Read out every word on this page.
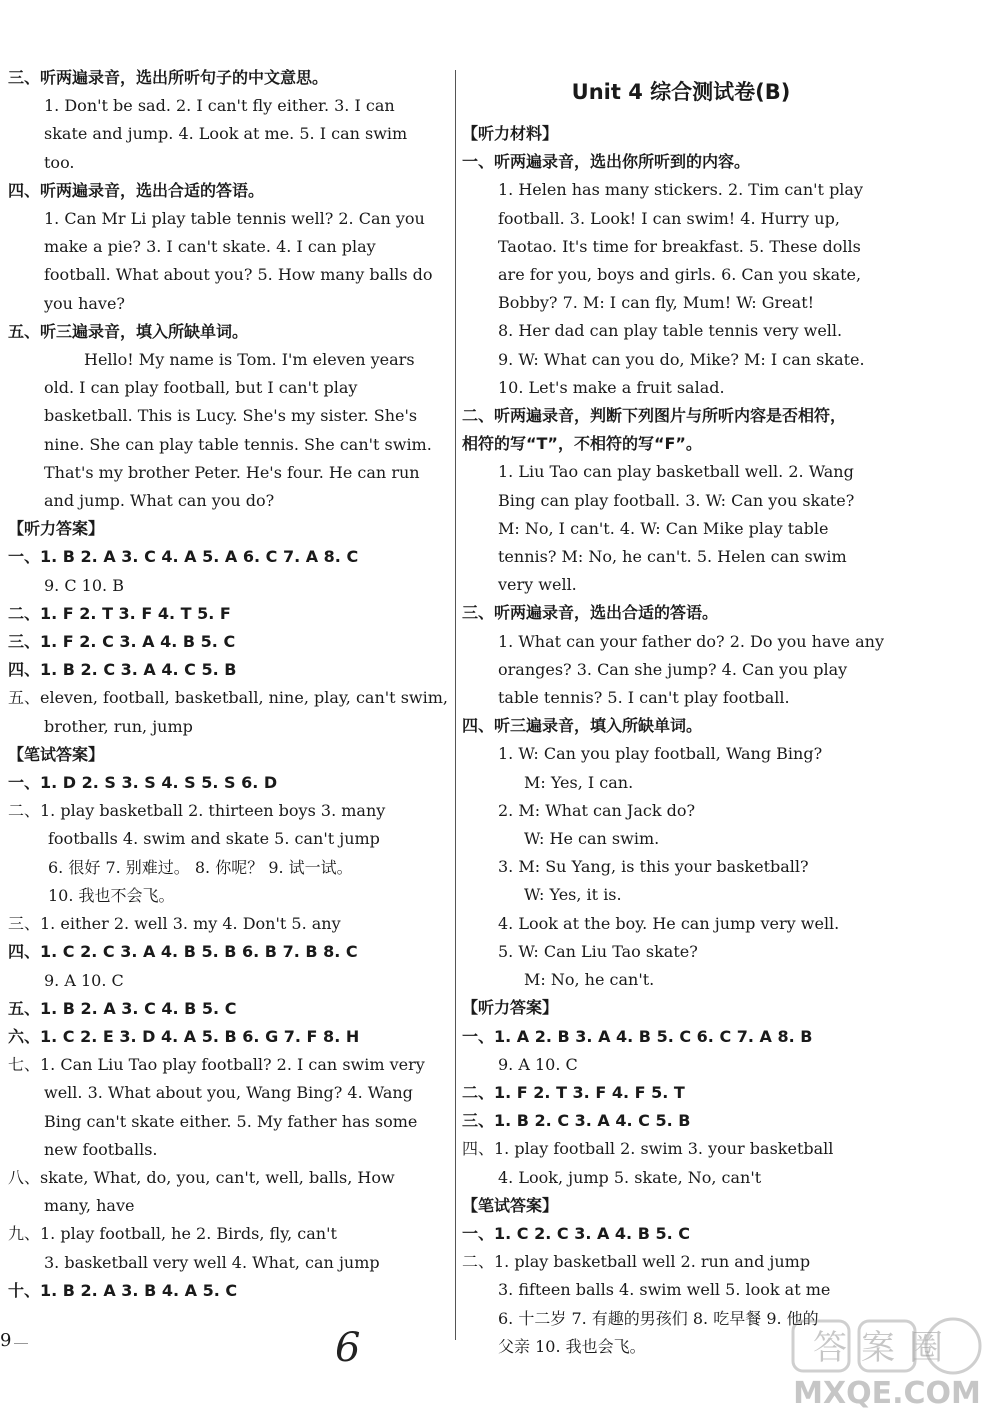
三、听两遍录音，选出所听句子的中文意思。
1. Don't be sad. 2. I can't fly either. 3. I can
skate and jump. 4. Look at me. 5. I can swim
too.
四、听两遍录音，选出合适的答语。
1. Can Mr Li play table tennis well? 2. Can you
make a pie? 3. I can't skate. 4. I can play
football. What about you? 5. How many balls do
you have?
五、听三遍录音，填入所缺单词。
Hello! My name is Tom. I'm eleven years
old. I can play football, but I can't play
basketball. This is Lucy. She's my sister. She's
nine. She can play table tennis. She can't swim.
That's my brother Peter. He's four. He can run
and jump. What can you do?
【听力答案】
一、1. B 2. A 3. C 4. A 5. A 6. C 7. A 8. C
9. C 10. B
二、1. F 2. T 3. F 4. T 5. F
三、1. F 2. C 3. A 4. B 5. C
四、1. B 2. C 3. A 4. C 5. B
五、eleven, football, basketball, nine, play, can't swim,
brother, run, jump
【笔试答案】
一、1. D 2. S 3. S 4. S 5. S 6. D
二、1. play basketball 2. thirteen boys 3. many
footballs 4. swim and skate 5. can't jump
6. 很好 7. 别难过。 8. 你呢？ 9. 试一试。
10. 我也不会飞。
三、1. either 2. well 3. my 4. Don't 5. any
四、1. C 2. C 3. A 4. B 5. B 6. B 7. B 8. C
9. A 10. C
五、1. B 2. A 3. C 4. B 5. C
六、1. C 2. E 3. D 4. A 5. B 6. G 7. F 8. H
七、1. Can Liu Tao play football? 2. I can swim very
well. 3. What about you, Wang Bing? 4. Wang
Bing can't skate either. 5. My father has some
new footballs.
八、skate, What, do, you, can't, well, balls, How
many, have
九、1. play football, he 2. Birds, fly, can't
3. basketball very well 4. What, can jump
十、1. B 2. A 3. B 4. A 5. C
Unit 4 综合测试卷(B)
【听力材料】
一、听两遍录音，选出你所听到的内容。
1. Helen has many stickers. 2. Tim can't play
football. 3. Look! I can swim! 4. Hurry up,
Taotao. It's time for breakfast. 5. These dolls
are for you, boys and girls. 6. Can you skate,
Bobby? 7. M: I can fly, Mum! W: Great!
8. Her dad can play table tennis very well.
9. W: What can you do, Mike? M: I can skate.
10. Let's make a fruit salad.
二、听两遍录音，判断下列图片与所听内容是否相符，
相符的写“T”，不相符的写“F”。
1. Liu Tao can play basketball well. 2. Wang
Bing can play football. 3. W: Can you skate?
M: No, I can't. 4. W: Can Mike play table
tennis? M: No, he can't. 5. Helen can swim
very well.
三、听两遍录音，选出合适的答语。
1. What can your father do? 2. Do you have any
oranges? 3. Can she jump? 4. Can you play
table tennis? 5. I can't play football.
四、听三遍录音，填入所缺单词。
1. W: Can you play football, Wang Bing?
M: Yes, I can.
2. M: What can Jack do?
W: He can swim.
3. M: Su Yang, is this your basketball?
W: Yes, it is.
4. Look at the boy. He can jump very well.
5. W: Can Liu Tao skate?
M: No, he can't.
【听力答案】
一、1. A 2. B 3. A 4. B 5. C 6. C 7. A 8. B
9. A 10. C
二、1. F 2. T 3. F 4. F 5. T
三、1. B 2. C 3. A 4. C 5. B
四、1. play football 2. swim 3. your basketball
4. Look, jump 5. skate, No, can't
【笔试答案】
一、1. C 2. C 3. A 4. B 5. C
二、1. play basketball well 2. run and jump
3. fifteen balls 4. swim well 5. look at me
6. 十二岁 7. 有趣的男孩们 8. 吃早餐 9. 他的
父亲 10. 我也会飞。
9	6	答案圈
MXQE.COM
